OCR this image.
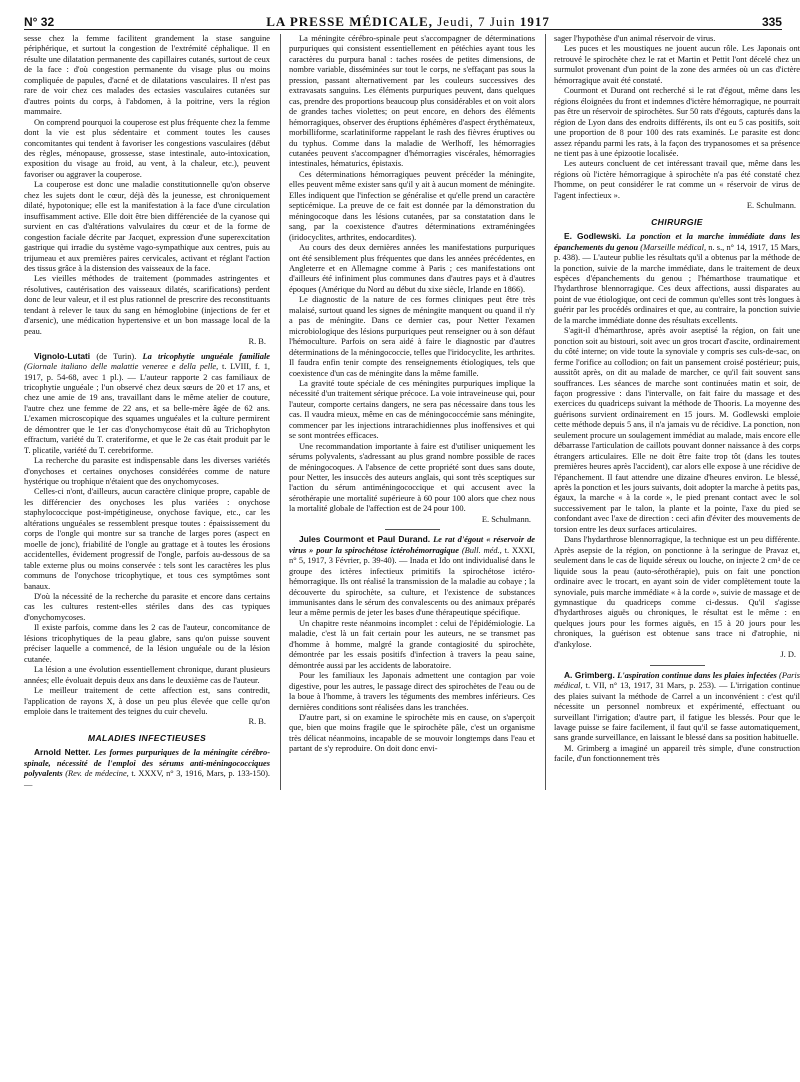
N° 32	LA PRESSE MÉDICALE, Jeudi, 7 Juin 1917	335

sesse chez la femme facilitent grandement la stase sanguine périphérique, et surtout la congestion de l'extrémité céphalique. Il en résulte une dilatation permanente des capillaires cutanés, surtout de ceux de la face : d'où congestion permanente du visage plus ou moins compliquée de papules, d'acné et de dilatations vasculaires. Il n'est pas rare de voir chez ces malades des ectasies vasculaires cutanées sur d'autres points du corps, à l'abdomen, à la poitrine, vers la région mammaire.

On comprend pourquoi la couperose est plus fréquente chez la femme dont la vie est plus sédentaire et comment toutes les causes concomitantes qui tendent à favoriser les congestions vasculaires (début des règles, ménopause, grossesse, stase intestinale, auto-intoxication, exposition du visage au froid, au vent, à la chaleur, etc.), peuvent favoriser ou aggraver la couperose.

La couperose est donc une maladie constitutionnelle qu'on observe chez les sujets dont le cœur, déjà dès la jeunesse, est chroniquement dilaté, hypotonique; elle est la manifestation à la face d'une circulation insuffisamment active. Elle doit être bien différenciée de la cyanose qui survient en cas d'altérations valvulaires du cœur et de la forme de congestion faciale décrite par Jacquet, expression d'une superexcitation gastrique qui irradie du système vago-sympathique aux centres, puis au trijumeau et aux premières paires cervicales, activant et réglant l'action des tissus grâce à la distension des vaisseaux de la face.

Les vieilles méthodes de traitement (pommades astringentes et résolutives, cautérisation des vaisseaux dilatés, scarifications) perdent donc de leur valeur, et il est plus rationnel de prescrire des reconstituants tendant à relever le taux du sang en hémoglobine (injections de fer et d'arsenic), une médication hypertensive et un bon massage local de la peau.

R. B.

Vignolo-Lutati (de Turin). La tricophytie unguéale familiale (Giornale italiano delle malattie veneree e della pelle, t. LVIII, f. 1, 1917, p. 54-68, avec 1 pl.). — L'auteur rapporte 2 cas familiaux de tricophytie unguéale ; l'un observé chez deux sœurs de 20 et 17 ans, et chez une amie de 19 ans, travaillant dans le même atelier de couture, l'autre chez une femme de 22 ans, et sa belle-mère âgée de 62 ans. L'examen microscopique des squames unguéales et la culture permirent de démontrer que le 1er cas d'onychomycose était dû au Trichophyton effractum, variété du T. crateriforme, et que le 2e cas était produit par le T. plicatile, variété du T. cerebriforme.

La recherche du parasite est indispensable dans les diverses variétés d'onychoses et certaines onychoses considérées comme de nature hystérique ou trophique n'étaient que des onychomycoses.

Celles-ci n'ont, d'ailleurs, aucun caractère clinique propre, capable de les différencier des onychoses les plus variées : onychose staphylococcique post-impétigineuse, onychose favique, etc., car les altérations unguéales se ressemblent presque toutes : épaississement du corps de l'ongle qui montre sur sa tranche de larges pores (aspect en moelle de jonc), friabilité de l'ongle au grattage et à toutes les érosions accidentelles, évidement progressif de l'ongle, parfois au-dessous de sa table externe plus ou moins conservée : tels sont les caractères les plus communs de l'onychose tricophytique, et tous ces symptômes sont banaux.

D'où la nécessité de la recherche du parasite et encore dans certains cas les cultures restent-elles stériles dans des cas typiques d'onychomycoses.

Il existe parfois, comme dans les 2 cas de l'auteur, concomitance de lésions tricophytiques de la peau glabre, sans qu'on puisse souvent préciser laquelle a commencé, de la lésion unguéale ou de la lésion cutanée.

La lésion a une évolution essentiellement chronique, durant plusieurs années; elle évoluait depuis deux ans dans le deuxième cas de l'auteur.

Le meilleur traitement de cette affection est, sans contredit, l'application de rayons X, à dose un peu plus élevée que celle qu'on emploie dans le traitement des teignes du cuir chevelu.

R. B.
MALADIES INFECTIEUSES

Arnold Netter. Les formes purpuriques de la méningite cérébro-spinale, nécessité de l'emploi des sérums anti-méningococciques polyvalents (Rev. de médecine, t. XXXV, n° 3, 1916, Mars, p. 133-150). —

La méningite cérébro-spinale peut s'accompagner de déterminations purpuriques qui consistent essentiellement en pétéchies ayant tous les caractères du purpura banal : taches rosées de petites dimensions, de nombre variable, disséminées sur tout le corps, ne s'effaçant pas sous la pression, passant alternativement par les couleurs successives des extravasats sanguins. Les éléments purpuriques peuvent, dans quelques cas, prendre des proportions beaucoup plus considérables et on voit alors de grandes taches violettes; on peut encore, en dehors des éléments hémorragiques, observer des éruptions éphémères d'aspect érythémateux, morbilliforme, scarlatiniforme rappelant le rash des fièvres éruptives ou du typhus. Comme dans la maladie de Werlhoff, les hémorragies cutanées peuvent s'accompagner d'hémorragies viscérales, hémorragies intestinales, hématurics, épistaxis.

Ces déterminations hémorragiques peuvent précéder la méningite, elles peuvent même exister sans qu'il y ait à aucun moment de méningite. Elles indiquent que l'infection se généralise et qu'elle prend un caractère septicémique. La preuve de ce fait est donnée par la démonstration du méningocoque dans les lésions cutanées, par sa constatation dans le sang, par la coexistence d'autres déterminations extraméningées (iridocyclites, arthrites, endocardites).

Au cours des deux dernières années les manifestations purpuriques ont été sensiblement plus fréquentes que dans les années précédentes, en Angleterre et en Allemagne comme à Paris ; ces manifestations ont d'ailleurs été infiniment plus communes dans d'autres pays et à d'autres époques (Amérique du Nord au début du xixe siècle, Irlande en 1866).

Le diagnostic de la nature de ces formes cliniques peut être très malaisé, surtout quand les signes de méningite manquent ou quand il n'y a pas de méningite. Dans ce dernier cas, pour Netter l'examen microbiologique des lésions purpuriques peut renseigner ou à son défaut l'hémoculture. Parfois on sera aidé à faire le diagnostic par d'autres déterminations de la méningococcie, telles que l'iridocyclite, les arthrites. Il faudra enfin tenir compte des renseignements étiologiques, tels que coexistence d'un cas de méningite dans la même famille.

La gravité toute spéciale de ces méningites purpuriques implique la nécessité d'un traitement sérique précoce. La voie intraveineuse qui, pour l'auteur, comporte certains dangers, ne sera pas nécessaire dans tous les cas. Il vaudra mieux, même en cas de méningococcémie sans méningite, commencer par les injections intrarachidiennes plus inoffensives et qui se sont montrées efficaces.

Une recommandation importante à faire est d'utiliser uniquement les sérums polyvalents, s'adressant au plus grand nombre possible de races de méningocoques. A l'absence de cette propriété sont dues sans doute, pour Netter, les insuccès des auteurs anglais, qui sont très sceptiques sur l'action du sérum antiméningococcique et qui accusent avec la sérothérapie une mortalité supérieure à 60 pour 100 alors que chez nous la mortalité globale de l'affection est de 24 pour 100.

E. Schulmann.

Jules Courmont et Paul Durand. Le rat d'égout « réservoir de virus » pour la spirochétose ictérohémorragique (Bull. méd., t. XXXI, n° 5, 1917, 3 Février, p. 39-40). — Inada et Ido ont individualisé dans le groupe des ictères infectieux primitifs la spirochétose ictéro-hémorragique. Ils ont réalisé la transmission de la maladie au cobaye ; la découverte du spirochète, sa culture, et l'existence de substances immunisantes dans le sérum des convalescents ou des animaux préparés leur a même permis de jeter les bases d'une thérapeutique spécifique.

Un chapitre reste néanmoins incomplet : celui de l'épidémiologie. La maladie, c'est là un fait certain pour les auteurs, ne se transmet pas d'homme à homme, malgré la grande contagiosité du spirochète, démontrée par les essais positifs d'infection à travers la peau saine, démontrée aussi par les accidents de laboratoire.

Pour les familiaux les Japonais admettent une contagion par voie digestive, pour les autres, le passage direct des spirochètes de l'eau ou de la boue à l'homme, à travers les téguments des membres inférieurs. Ces dernières conditions sont réalisées dans les tranchées.

D'autre part, si on examine le spirochète mis en cause, on s'aperçoit que, bien que moins fragile que le spirochète pâle, c'est un organisme très délicat néanmoins, incapable de se mouvoir longtemps dans l'eau et partant de s'y reproduire. On doit donc envi-

sager l'hypothèse d'un animal réservoir de virus.

Les puces et les moustiques ne jouent aucun rôle. Les Japonais ont retrouvé le spirochète chez le rat et Martin et Pettit l'ont décelé chez un surmulot provenant d'un point de la zone des armées où un cas d'ictère hémorragique avait été constaté.

Courmont et Durand ont recherché si le rat d'égout, même dans les régions éloignées du front et indemnes d'ictère hémorragique, ne pourrait pas être un réservoir de spirochètes. Sur 50 rats d'égouts, capturés dans la région de Lyon dans des endroits différents, ils ont eu 5 cas positifs, soit une proportion de 8 pour 100 des rats examinés. Le parasite est donc assez répandu parmi les rats, à la façon des trypanosomes et sa présence ne tient pas à une épizootie localisée.

Les auteurs concluent de cet intéressant travail que, même dans les régions où l'ictère hémorragique à spirochète n'a pas été constaté chez l'homme, on peut considérer le rat comme un « réservoir de virus de l'agent infectieux ».

E. Schulmann.
CHIRURGIE

E. Godlewski. La ponction et la marche immédiate dans les épanchements du genou (Marseille médical, n. s., n° 14, 1917, 15 Mars, p. 438). — L'auteur publie les résultats qu'il a obtenus par la méthode de la ponction, suivie de la marche immédiate, dans le traitement de deux espèces d'épanchements du genou ; l'hémarthose traumatique et l'hydarthrose blennorragique. Ces deux affections, aussi disparates au point de vue étiologique, ont ceci de commun qu'elles sont très longues à guérir par les procédés ordinaires et que, au contraire, la ponction suivie de la marche immédiate donne des résultats excellents.

S'agit-il d'hémarthrose, après avoir aseptisé la région, on fait une ponction soit au bistouri, soit avec un gros trocart d'ascite, ordinairement du côté interne; on vide toute la synoviale y compris ses culs-de-sac, on ferme l'orifice au collodion; on fait un pansement croisé postérieur; puis, aussitôt après, on dit au malade de marcher, ce qu'il fait souvent sans souffrances. Les séances de marche sont continuées matin et soir, de façon progressive : dans l'intervalle, on fait faire du massage et des exercices du quadriceps suivant la méthode de Thooris. La moyenne des guérisons survient ordinairement en 15 jours. M. Godlewski emploie cette méthode depuis 5 ans, il n'a jamais vu de récidive. La ponction, non seulement procure un soulagement immédiat au malade, mais encore elle débarrasse l'articulation de caillots pouvant donner naissance à des corps étrangers articulaires. Elle ne doit être faite trop tôt (dans les toutes premières heures après l'accident), car alors elle expose à une récidive de l'épanchement. Il faut attendre une dizaine d'heures environ. Le blessé, après la ponction et les jours suivants, doit adopter la marche à petits pas, égaux, la marche « à la corde », le pied prenant contact avec le sol successivement par le talon, la plante et la pointe, l'axe du pied se confondant avec l'axe de direction : ceci afin d'éviter des mouvements de torsion entre les deux surfaces articulaires.

Dans l'hydarthrose blennorragique, la technique est un peu différente. Après asepsie de la région, on ponctionne à la seringue de Pravaz et, seulement dans le cas de liquide séreux ou louche, on injecte 2 cm³ de ce liquide sous la peau (auto-sérothérapie), puis on fait une ponction ordinaire avec le trocart, en ayant soin de vider complètement toute la synoviale, puis marche immédiate « à la corde », suivie de massage et de gymnastique du quadriceps comme ci-dessus. Qu'il s'agisse d'hydarthroses aiguës ou chroniques, le résultat est le même : en quelques jours pour les formes aiguës, en 15 à 20 jours pour les chroniques, la guérison est obtenue sans trace ni d'atrophie, ni d'ankylose.

J. D.

A. Grimberg. L'aspiration continue dans les plaies infectées (Paris médical, t. VII, n° 13, 1917, 31 Mars, p. 253). — L'irrigation continue des plaies suivant la méthode de Carrel a un inconvénient : c'est qu'il nécessite un personnel nombreux et expérimenté, effectuant ou surveillant l'irrigation; d'autre part, il fatigue les blessés. Pour que le lavage puisse se faire facilement, il faut qu'il se fasse automatiquement, sans grande surveillance, en laissant le blessé dans sa position habituelle.

M. Grimberg a imaginé un appareil très simple, d'une construction facile, d'un fonctionnement très
